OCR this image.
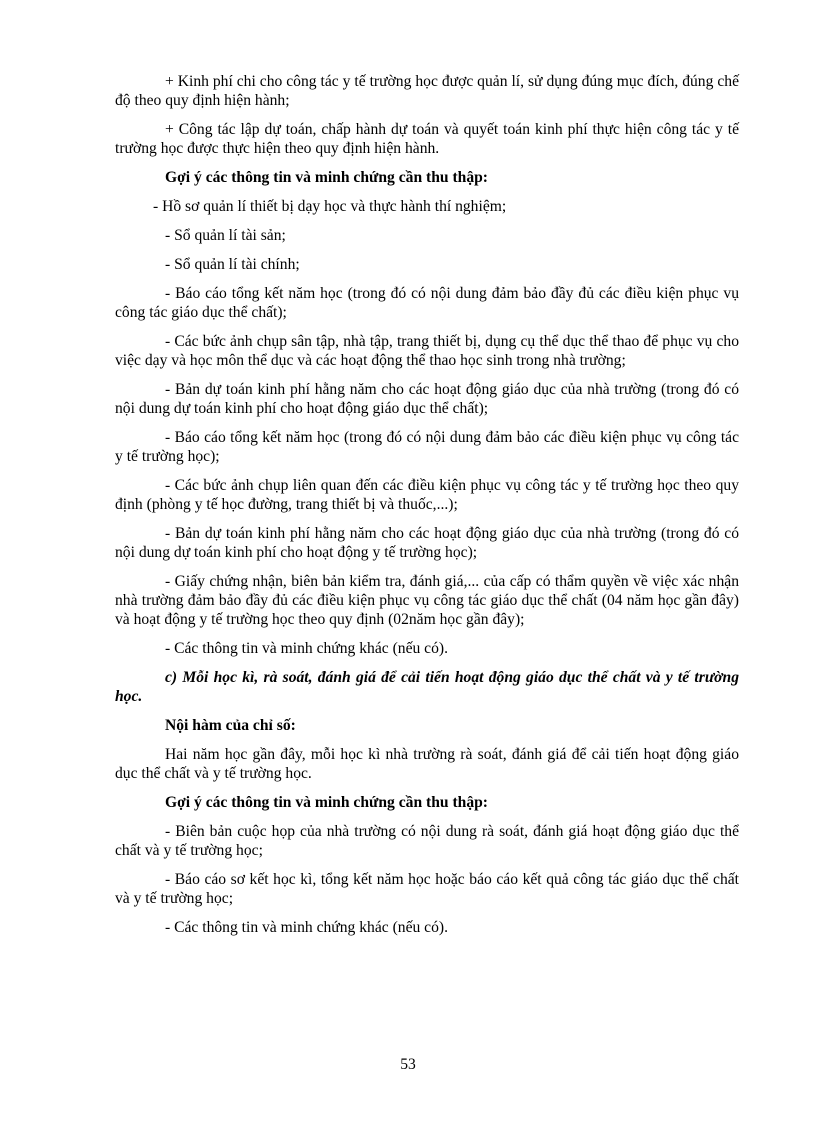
+ Kinh phí chi cho công tác y tế trường học được quản lí, sử dụng đúng mục đích, đúng chế độ theo quy định hiện hành;

+ Công tác lập dự toán, chấp hành dự toán và quyết toán kinh phí thực hiện công tác y tế trường học được thực hiện theo quy định hiện hành.

Gợi ý các thông tin và minh chứng cần thu thập:

- Hồ sơ quản lí thiết bị dạy học và thực hành thí nghiệm;

- Sổ quản lí tài sản;

- Sổ quản lí tài chính;

- Báo cáo tổng kết năm học (trong đó có nội dung đảm bảo đầy đủ các điều kiện phục vụ công tác giáo dục thể chất);

- Các bức ảnh chụp sân tập, nhà tập, trang thiết bị, dụng cụ thể dục thể thao để phục vụ cho việc dạy và học môn thể dục và các hoạt động thể thao học sinh trong nhà trường;

- Bản dự toán kinh phí hằng năm cho các hoạt động giáo dục của nhà trường (trong đó có nội dung dự toán kinh phí cho hoạt động giáo dục thể chất);

- Báo cáo tổng kết năm học (trong đó có nội dung đảm bảo các điều kiện phục vụ công tác y tế trường học);

- Các bức ảnh chụp liên quan đến các điều kiện phục vụ công tác y tế trường học theo quy định (phòng y tế học đường, trang thiết bị và thuốc,...);

- Bản dự toán kinh phí hằng năm cho các hoạt động giáo dục của nhà trường (trong đó có nội dung dự toán kinh phí cho hoạt động y tế trường học);

- Giấy chứng nhận, biên bản kiểm tra, đánh giá,... của cấp có thẩm quyền về việc xác nhận nhà trường đảm bảo đầy đủ các điều kiện phục vụ công tác giáo dục thể chất (04 năm học gần đây) và hoạt động y tế trường học theo quy định (02năm học gần đây);

- Các thông tin và minh chứng khác (nếu có).

c) Mỗi học kì, rà soát, đánh giá để cải tiến hoạt động giáo dục thể chất và y tế trường học.

Nội hàm của chỉ số:

Hai năm học gần đây, mỗi học kì nhà trường rà soát, đánh giá để cải tiến hoạt động giáo dục thể chất và y tế trường học.

Gợi ý các thông tin và minh chứng cần thu thập:

- Biên bản cuộc họp của nhà trường có nội dung rà soát, đánh giá hoạt động giáo dục thể chất và y tế trường học;

- Báo cáo sơ kết học kì, tổng kết năm học hoặc báo cáo kết quả công tác giáo dục thể chất và y tế trường học;

- Các thông tin và minh chứng khác (nếu có).

53
